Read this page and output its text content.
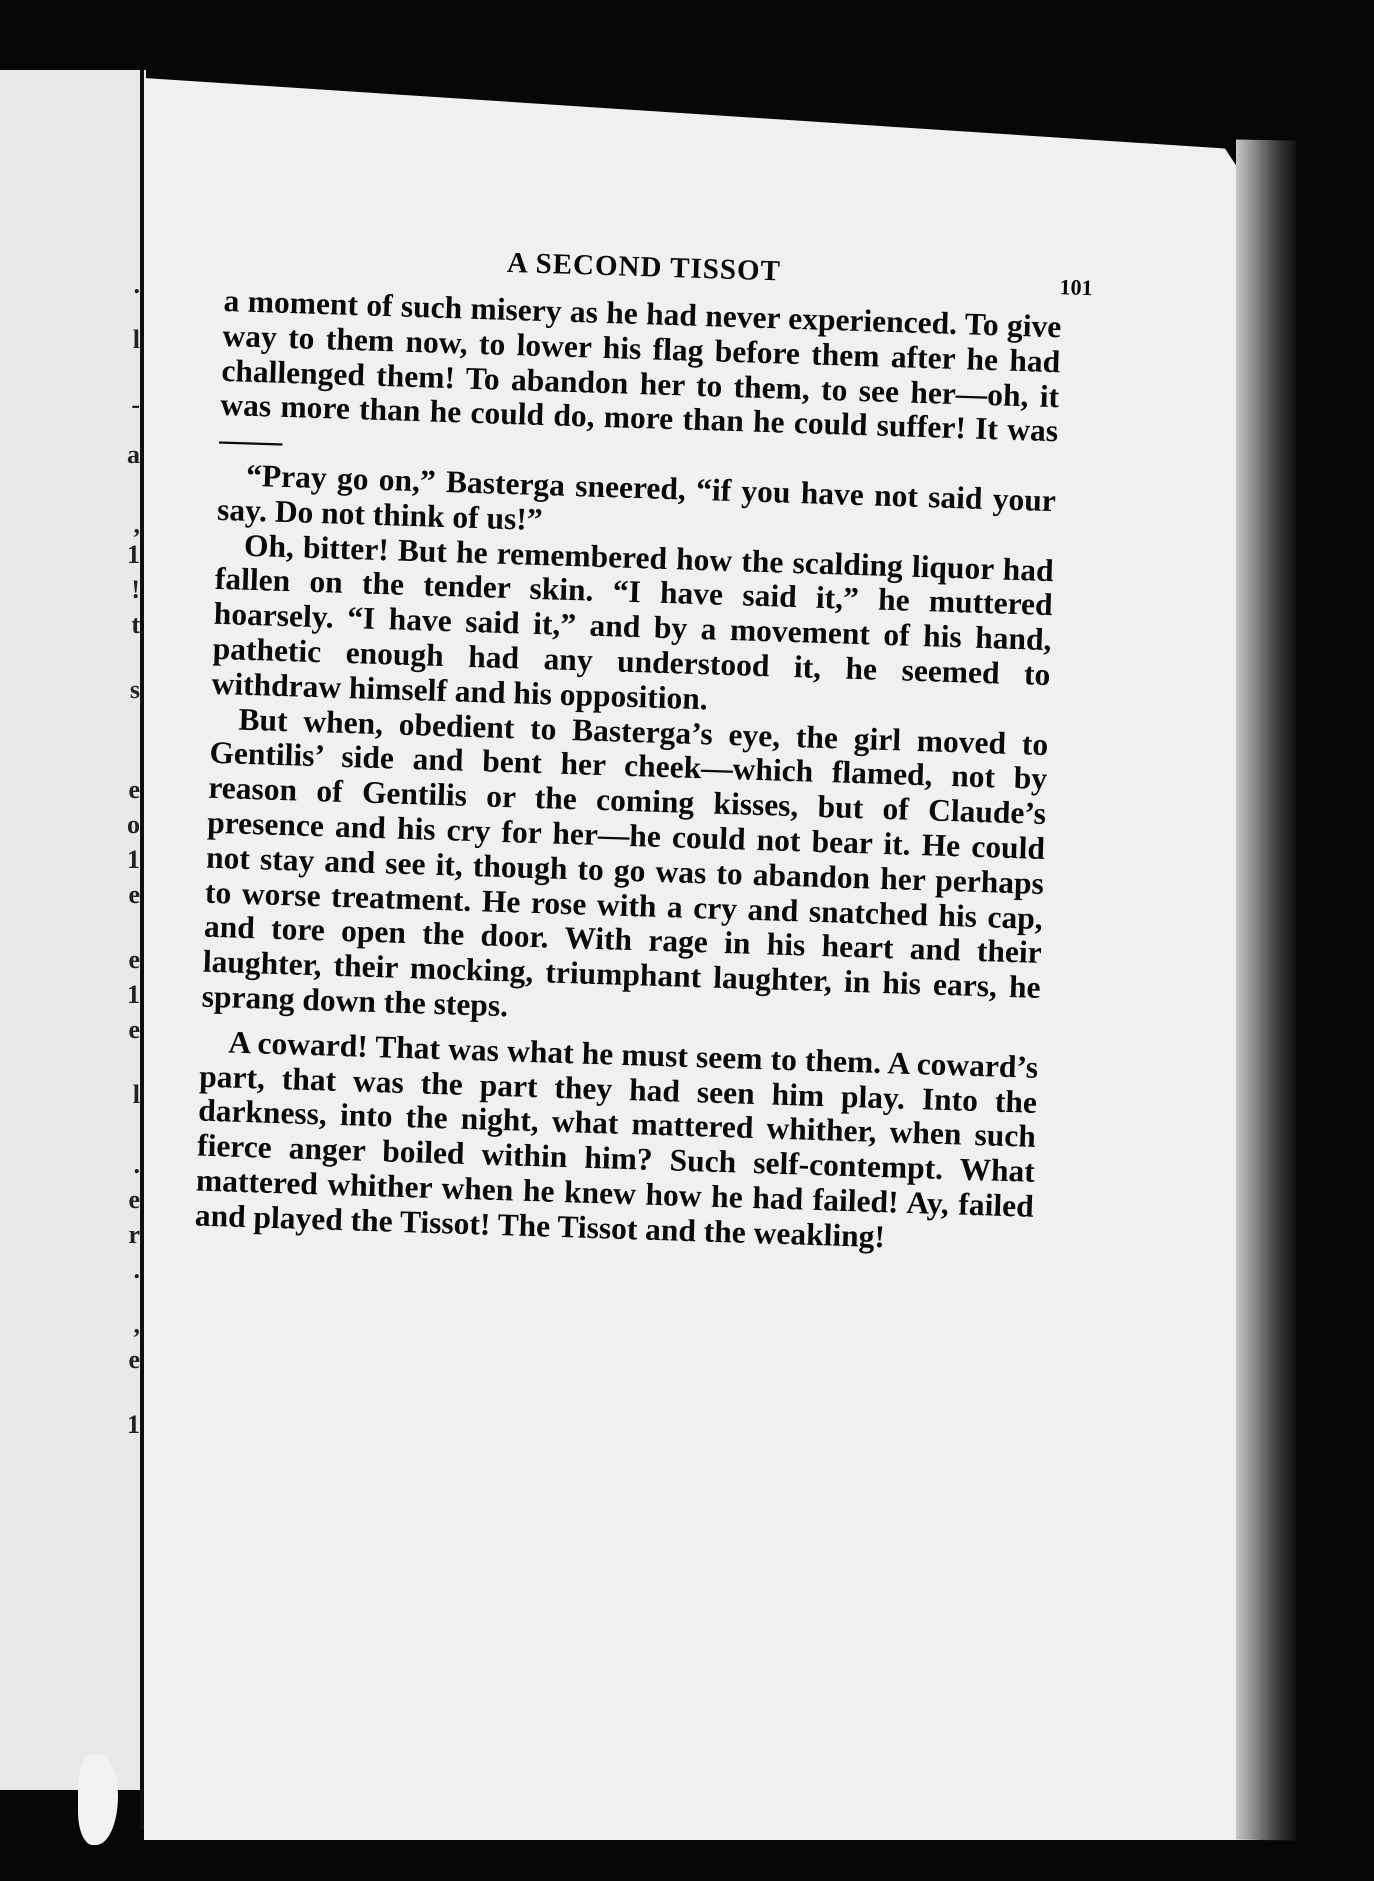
.
l
-
a
,
1
!
t
s
e
o
1
e
e
1
e
l
.
e
r
.
,
e
1
A SECOND TISSOT	101

a moment of such misery as he had never experienced. To give way to them now, to lower his flag before them after he had challenged them! To abandon her to them, to see her—oh, it was more than he could do, more than he could suffer! It was——

“Pray go on,” Basterga sneered, “if you have not said your say. Do not think of us!”

Oh, bitter! But he remembered how the scalding liquor had fallen on the tender skin. “I have said it,” he muttered hoarsely. “I have said it,” and by a movement of his hand, pathetic enough had any understood it, he seemed to withdraw himself and his opposition.

But when, obedient to Basterga’s eye, the girl moved to Gentilis’ side and bent her cheek—which flamed, not by reason of Gentilis or the coming kisses, but of Claude’s presence and his cry for her—he could not bear it. He could not stay and see it, though to go was to abandon her perhaps to worse treatment. He rose with a cry and snatched his cap, and tore open the door. With rage in his heart and their laughter, their mocking, triumphant laughter, in his ears, he sprang down the steps.

A coward! That was what he must seem to them. A coward’s part, that was the part they had seen him play. Into the darkness, into the night, what mattered whither, when such fierce anger boiled within him? Such self-contempt. What mattered whither when he knew how he had failed! Ay, failed and played the Tissot! The Tissot and the weakling!
